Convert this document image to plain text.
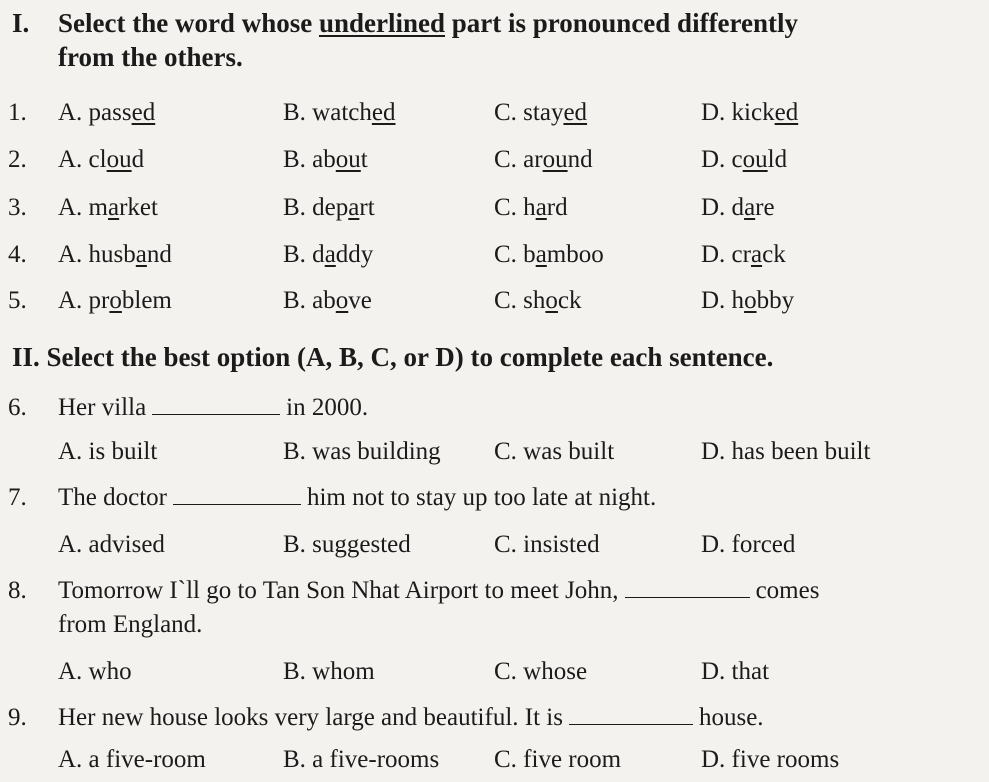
I. Select the word whose underlined part is pronounced differently
from the others.
1. A. passed	B. watched	C. stayed	D. kicked
2. A. cloud	B. about	C. around	D. could
3. A. market	B. depart	C. hard	D. dare
4. A. husband	B. daddy	C. bamboo	D. crack
5. A. problem	B. above	C. shock	D. hobby
II. Select the best option (A, B, C, or D) to complete each sentence.
6. Her villa	in 2000.
A. is built	B. was building C. was built	D. has been built
7. The doctor	him not to stay up too late at night.
A. advised	B. suggested	C. insisted	D. forced
8. Tomorrow I`ll go to Tan Son Nhat Airport to meet John,	comes
from England.
A. who	B. whom	C. whose	D. that
9. Her new house looks very large and beautiful. It is	house.
A. a five-room	B. a five-rooms C. five room	D. five rooms
